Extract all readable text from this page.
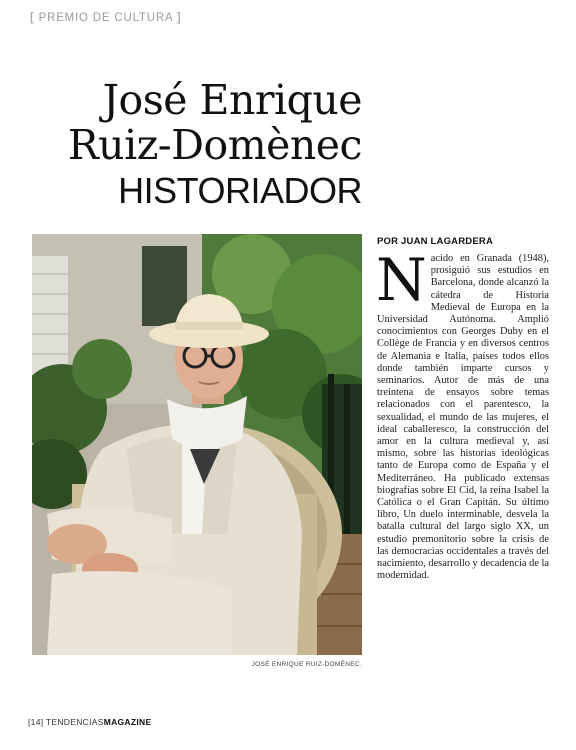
[ PREMIO DE CULTURA ]
José Enrique
Ruiz-Domènec
HISTORIADOR
JOSÉ ENRIQUE RUIZ-DOMÈNEC.
POR JUAN LAGARDERA
Nacido en Granada (1948), prosiguió sus estudios en Barcelona, donde alcanzó la cátedra de Historia Medieval de Europa en la Universidad Autónoma. Amplió conocimientos con Georges Duby en el Collège de Francia y en diversos centros de Alemania e Italia, países todos ellos donde también imparte cursos y seminarios. Autor de más de una treintena de ensayos sobre temas relacionados con el parentesco, la sexualidad, el mundo de las mujeres, el ideal caballeresco, la construcción del amor en la cultura medieval y, así mismo, sobre las historias ideológicas tanto de Europa como de España y el Mediterráneo. Ha publicado extensas biografías sobre El Cid, la reina Isabel la Católica o el Gran Capitán. Su último libro, Un duelo interminable, desvela la batalla cultural del largo siglo XX, un estudio premonitorio sobre la crisis de las democracias occidentales a través del nacimiento, desarrollo y decadencia de la modernidad.
[14] TENDENCIASMAGAZINE
